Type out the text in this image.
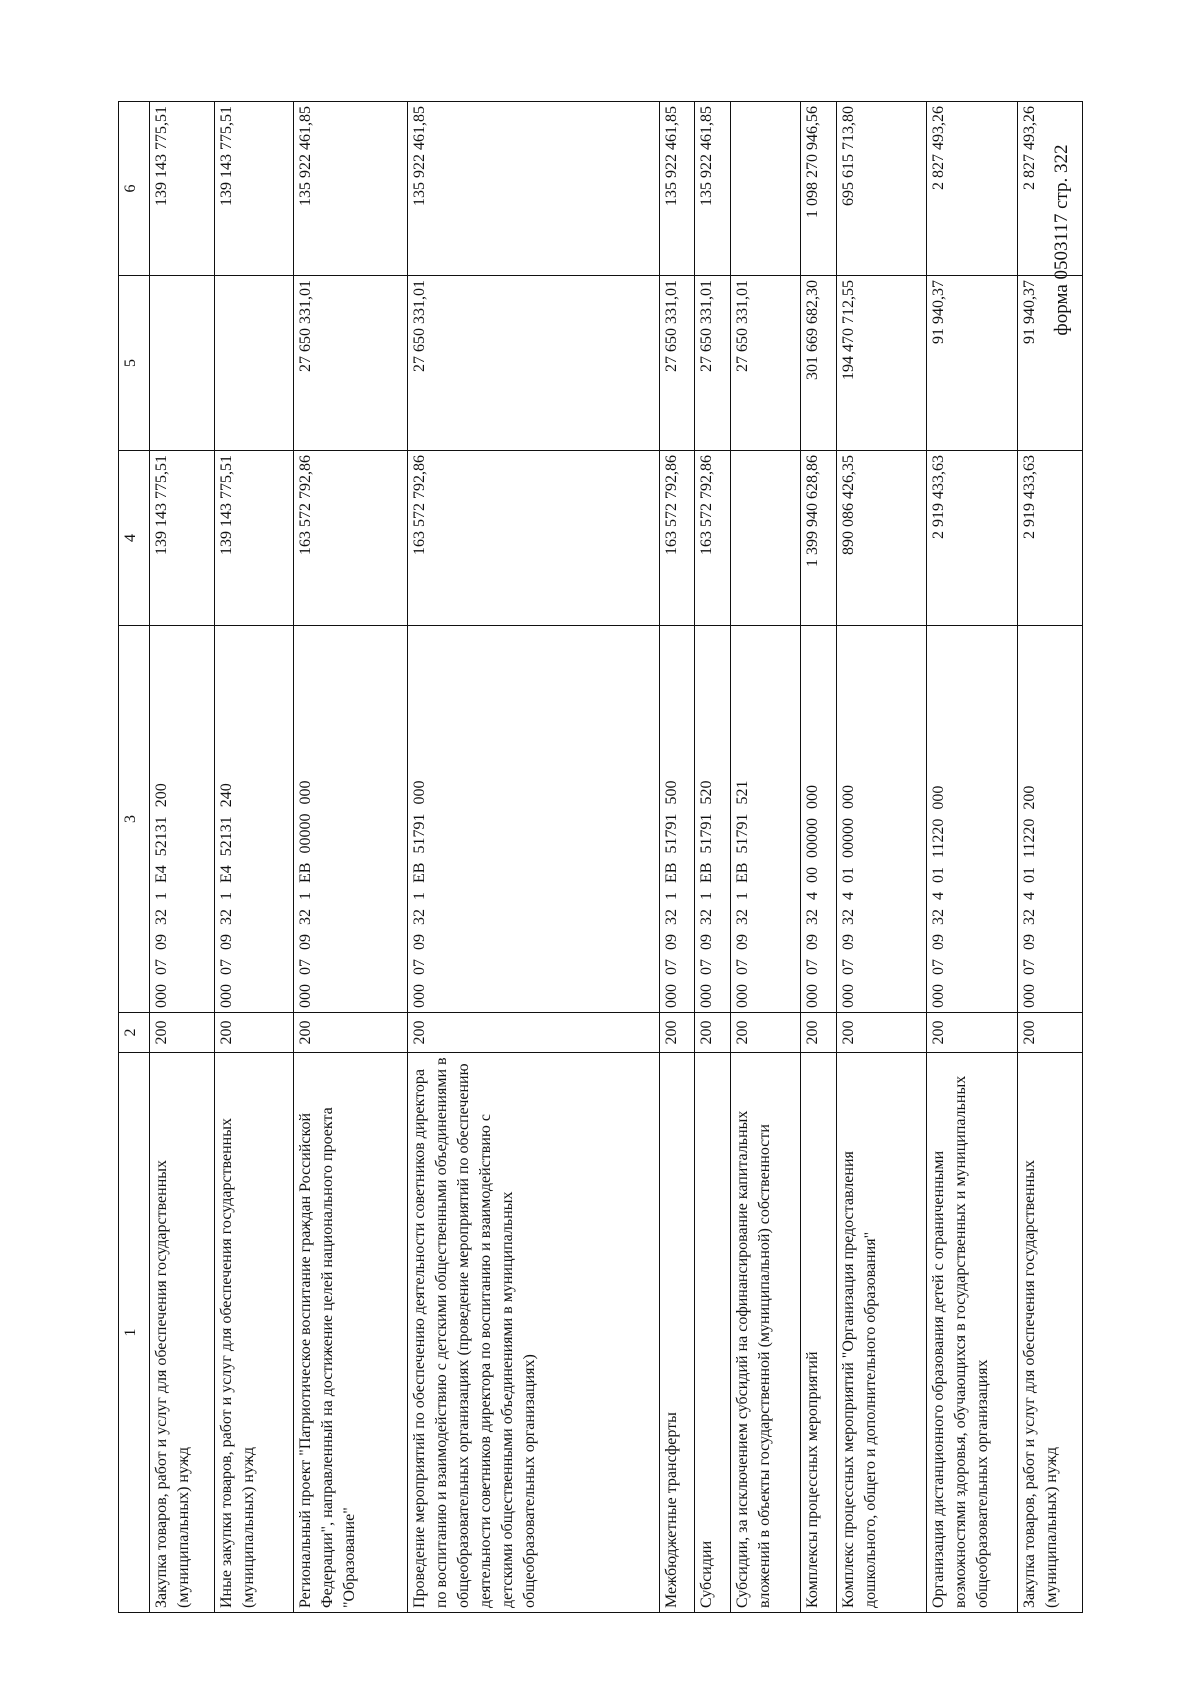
форма 0503117 стр. 322
1	2	3	4	5	6
Закупка товаров, работ и услуг для обеспечения государственных (муниципальных) нужд	200	0000709321E452131200	139 143 775,51		139 143 775,51
Иные закупки товаров, работ и услуг для обеспечения государственных (муниципальных) нужд	200	0000709321E452131240	139 143 775,51		139 143 775,51
Региональный проект "Патриотическое воспитание граждан Российской Федерации", направленный на достижение целей национального проекта "Образование"	200	0000709321EB00000000	163 572 792,86	27 650 331,01	135 922 461,85
Проведение мероприятий по обеспечению деятельности советников директора по воспитанию и взаимодействию с детскими общественными объединениями в общеобразовательных организациях (проведение мероприятий по обеспечению деятельности советников директора по воспитанию и взаимодействию с детскими общественными объединениями в муниципальных общеобразовательных организациях)	200	0000709321EB51791000	163 572 792,86	27 650 331,01	135 922 461,85
Межбюджетные трансферты	200	0000709321EB51791500	163 572 792,86	27 650 331,01	135 922 461,85
Субсидии	200	0000709321EB51791520	163 572 792,86	27 650 331,01	135 922 461,85
Субсидии, за исключением субсидий на софинансирование капитальных вложений в объекты государственной (муниципальной) собственности	200	0000709321EB51791521		27 650 331,01	
Комплексы процессных мероприятий	200	00007093240000000000	1 399 940 628,86	301 669 682,30	1 098 270 946,56
Комплекс процессных мероприятий "Организация предоставления дошкольного, общего и дополнительного образования"	200	00007093240100000000	890 086 426,35	194 470 712,55	695 615 713,80
Организация дистанционного образования детей с ограниченными возможностями здоровья, обучающихся в государственных и муниципальных общеобразовательных организациях	200	00007093240111220000	2 919 433,63	91 940,37	2 827 493,26
Закупка товаров, работ и услуг для обеспечения государственных (муниципальных) нужд	200	00007093240111220200	2 919 433,63	91 940,37	2 827 493,26
